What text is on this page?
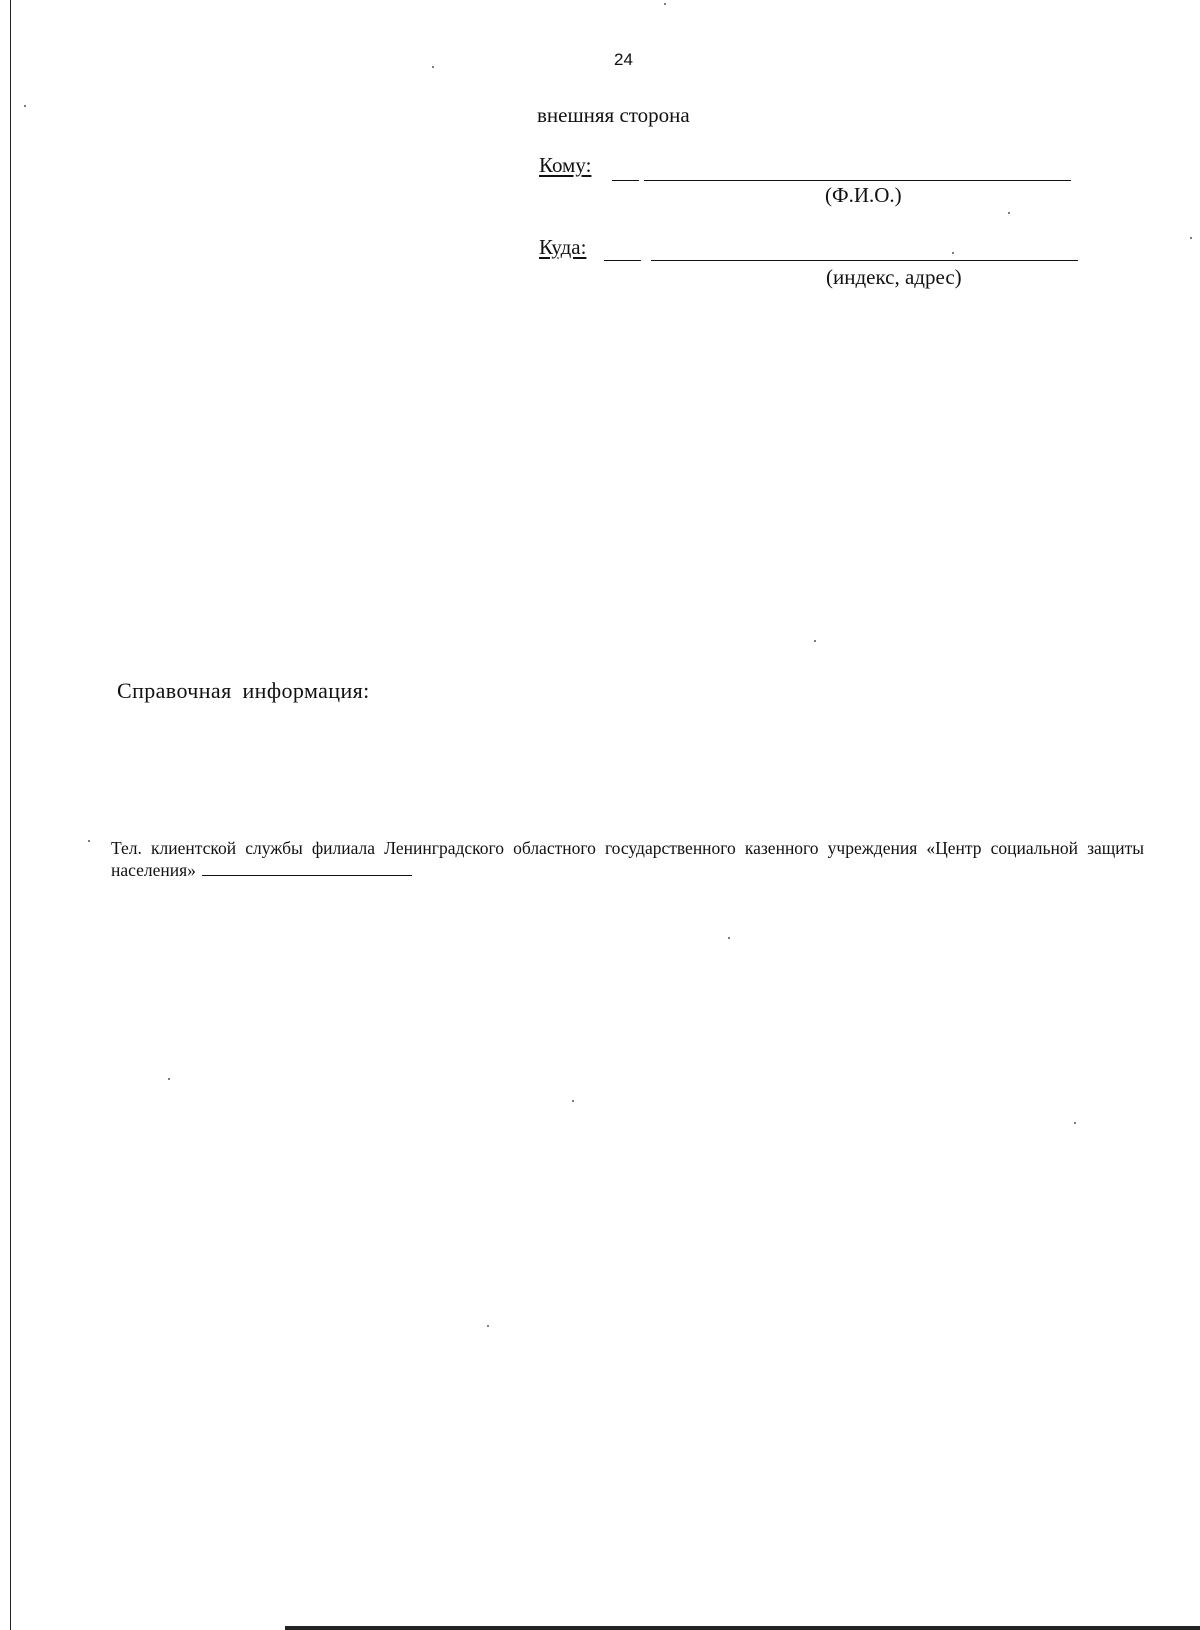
24
внешняя сторона
Кому:
(Ф.И.О.)
Куда:
(индекс, адрес)
Справочная информация:
Тел. клиентской службы филиала Ленинградского областного государственного казенного учреждения «Центр социальной защиты населения»
